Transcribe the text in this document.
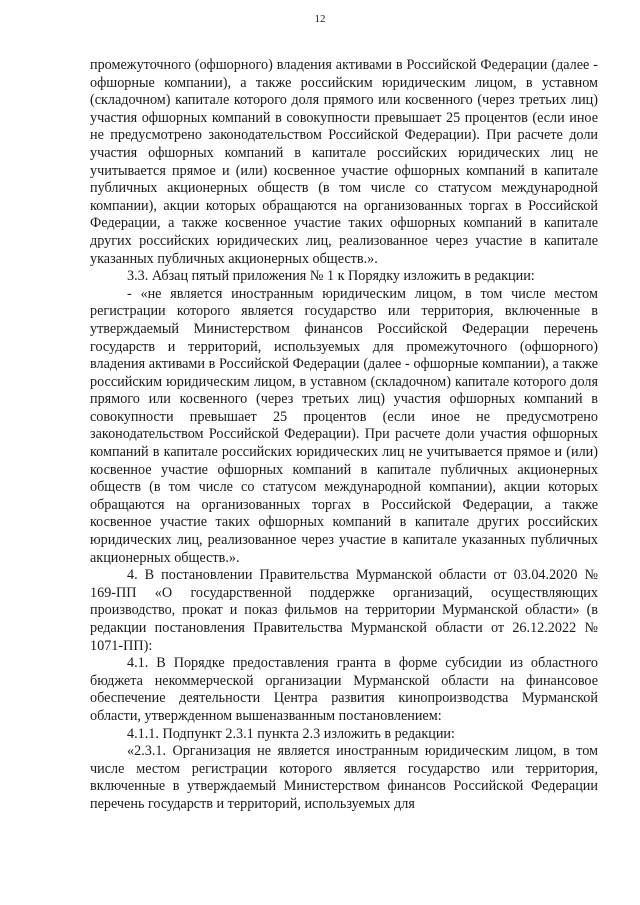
12

промежуточного (офшорного) владения активами в Российской Федерации (далее - офшорные компании), а также российским юридическим лицом, в уставном (складочном) капитале которого доля прямого или косвенного (через третьих лиц) участия офшорных компаний в совокупности превышает 25 процентов (если иное не предусмотрено законодательством Российской Федерации). При расчете доли участия офшорных компаний в капитале российских юридических лиц не учитывается прямое и (или) косвенное участие офшорных компаний в капитале публичных акционерных обществ (в том числе со статусом международной компании), акции которых обращаются на организованных торгах в Российской Федерации, а также косвенное участие таких офшорных компаний в капитале других российских юридических лиц, реализованное через участие в капитале указанных публичных акционерных обществ.».

3.3. Абзац пятый приложения № 1 к Порядку изложить в редакции:

- «не является иностранным юридическим лицом, в том числе местом регистрации которого является государство или территория, включенные в утверждаемый Министерством финансов Российской Федерации перечень государств и территорий, используемых для промежуточного (офшорного) владения активами в Российской Федерации (далее - офшорные компании), а также российским юридическим лицом, в уставном (складочном) капитале которого доля прямого или косвенного (через третьих лиц) участия офшорных компаний в совокупности превышает 25 процентов (если иное не предусмотрено законодательством Российской Федерации). При расчете доли участия офшорных компаний в капитале российских юридических лиц не учитывается прямое и (или) косвенное участие офшорных компаний в капитале публичных акционерных обществ (в том числе со статусом международной компании), акции которых обращаются на организованных торгах в Российской Федерации, а также косвенное участие таких офшорных компаний в капитале других российских юридических лиц, реализованное через участие в капитале указанных публичных акционерных обществ.».

4. В постановлении Правительства Мурманской области от 03.04.2020 № 169-ПП «О государственной поддержке организаций, осуществляющих производство, прокат и показ фильмов на территории Мурманской области» (в редакции постановления Правительства Мурманской области от 26.12.2022 № 1071-ПП):

4.1. В Порядке предоставления гранта в форме субсидии из областного бюджета некоммерческой организации Мурманской области на финансовое обеспечение деятельности Центра развития кинопроизводства Мурманской области, утвержденном вышеназванным постановлением:

4.1.1. Подпункт 2.3.1 пункта 2.3 изложить в редакции:

«2.3.1. Организация не является иностранным юридическим лицом, в том числе местом регистрации которого является государство или территория, включенные в утверждаемый Министерством финансов Российской Федерации перечень государств и территорий, используемых для
